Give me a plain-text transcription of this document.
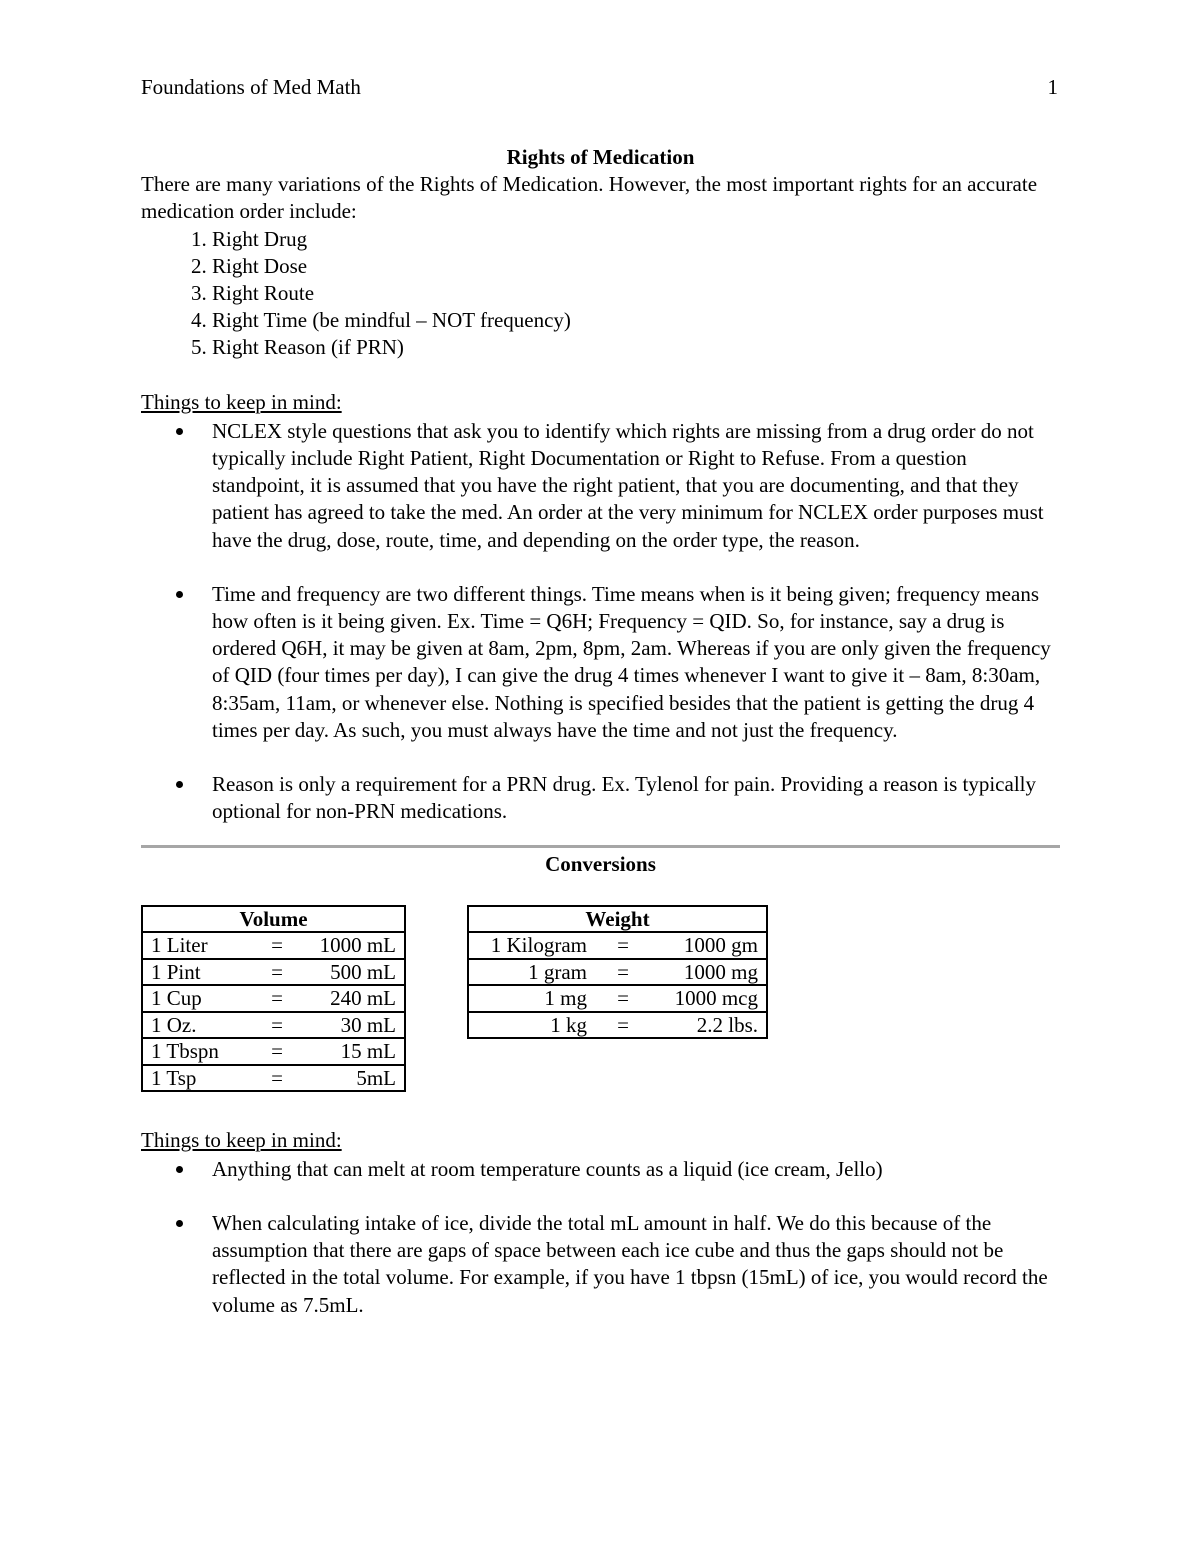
Foundations of Med Math	1
Rights of Medication

There are many variations of the Rights of Medication. However, the most important rights for an accurate medication order include:

1. Right Drug
2. Right Dose
3. Right Route
4. Right Time (be mindful – NOT frequency)
5. Right Reason (if PRN)

Things to keep in mind:

NCLEX style questions that ask you to identify which rights are missing from a drug order do not typically include Right Patient, Right Documentation or Right to Refuse. From a question standpoint, it is assumed that you have the right patient, that you are documenting, and that they patient has agreed to take the med. An order at the very minimum for NCLEX order purposes must have the drug, dose, route, time, and depending on the order type, the reason.
Time and frequency are two different things. Time means when is it being given; frequency means how often is it being given. Ex. Time = Q6H; Frequency = QID. So, for instance, say a drug is ordered Q6H, it may be given at 8am, 2pm, 8pm, 2am. Whereas if you are only given the frequency of QID (four times per day), I can give the drug 4 times whenever I want to give it – 8am, 8:30am, 8:35am, 11am, or whenever else. Nothing is specified besides that the patient is getting the drug 4 times per day. As such, you must always have the time and not just the frequency.
Reason is only a requirement for a PRN drug. Ex. Tylenol for pain. Providing a reason is typically optional for non-PRN medications.
Conversions
Volume		
1 Liter	=	1000 mL
1 Pint	=	500 mL
1 Cup	=	240 mL
1 Oz.	=	30 mL
1 Tbspn	=	15 mL
1 Tsp	=	5mL
Weight		
1 Kilogram	=	1000 gm
1 gram	=	1000 mg
1 mg	=	1000 mcg
1 kg	=	2.2 lbs.

Things to keep in mind:

Anything that can melt at room temperature counts as a liquid (ice cream, Jello)
When calculating intake of ice, divide the total mL amount in half. We do this because of the assumption that there are gaps of space between each ice cube and thus the gaps should not be reflected in the total volume. For example, if you have 1 tbpsn (15mL) of ice, you would record the volume as 7.5mL.
